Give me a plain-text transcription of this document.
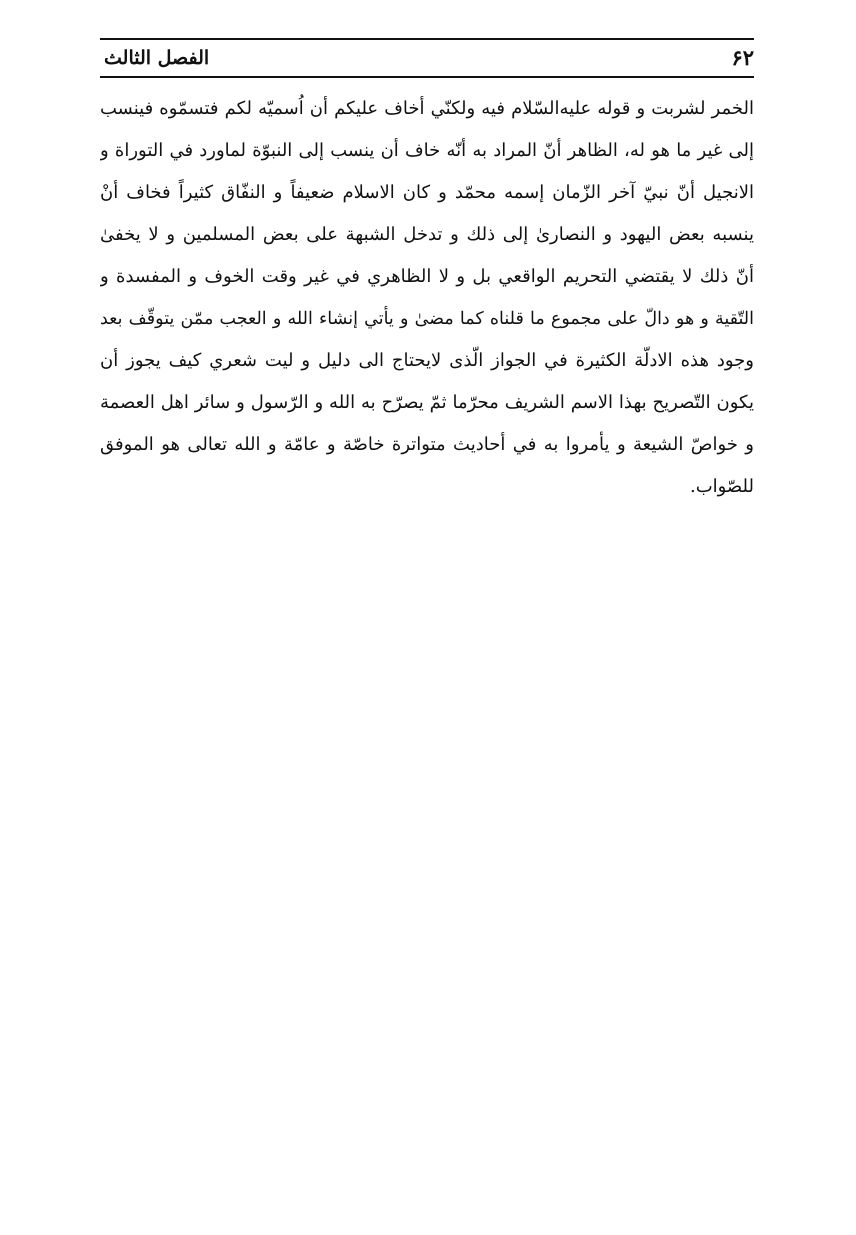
۶۲
الفصل الثالث
الخمر لشربت و قوله عليه‌السّلام فيه ولكنّي أخاف عليكم أن اُسميّه لكم فتسمّوه فينسب
إلى غير ما هو له، الظاهر أنّ المراد به أنّه خاف أن ينسب إلى النبوّة لماورد في التوراة و
الانجيل أنّ نبيّ آخر الزّمان إسمه محمّد و كان الاسلام ضعيفاً و النفّاق كثيراً فخاف أنْ
ينسبه بعض اليهود و النصارىٰ إلى ذلك و تدخل الشبهة على بعض المسلمين و لا يخفىٰ
أنّ ذلك لا يقتضي التحريم الواقعي بل و لا الظاهري في غير وقت الخوف و المفسدة و
التّقية و هو دالّ على مجموع ما قلناه كما مضىٰ و يأتي إنشاء الله و العجب ممّن يتوقّف بعد
وجود هذه الادلّة الكثيرة في الجواز الّذى لايحتاج الى دليل و ليت شعري كيف يجوز أن
يكون التّصريح بهذا الاسم الشريف محرّما ثمّ يصرّح به الله و الرّسول و سائر اهل العصمة
و خواصّ الشيعة و يأمروا به في أحاديث متواترة خاصّة و عامّة و الله تعالى هو الموفق
للصّواب.
